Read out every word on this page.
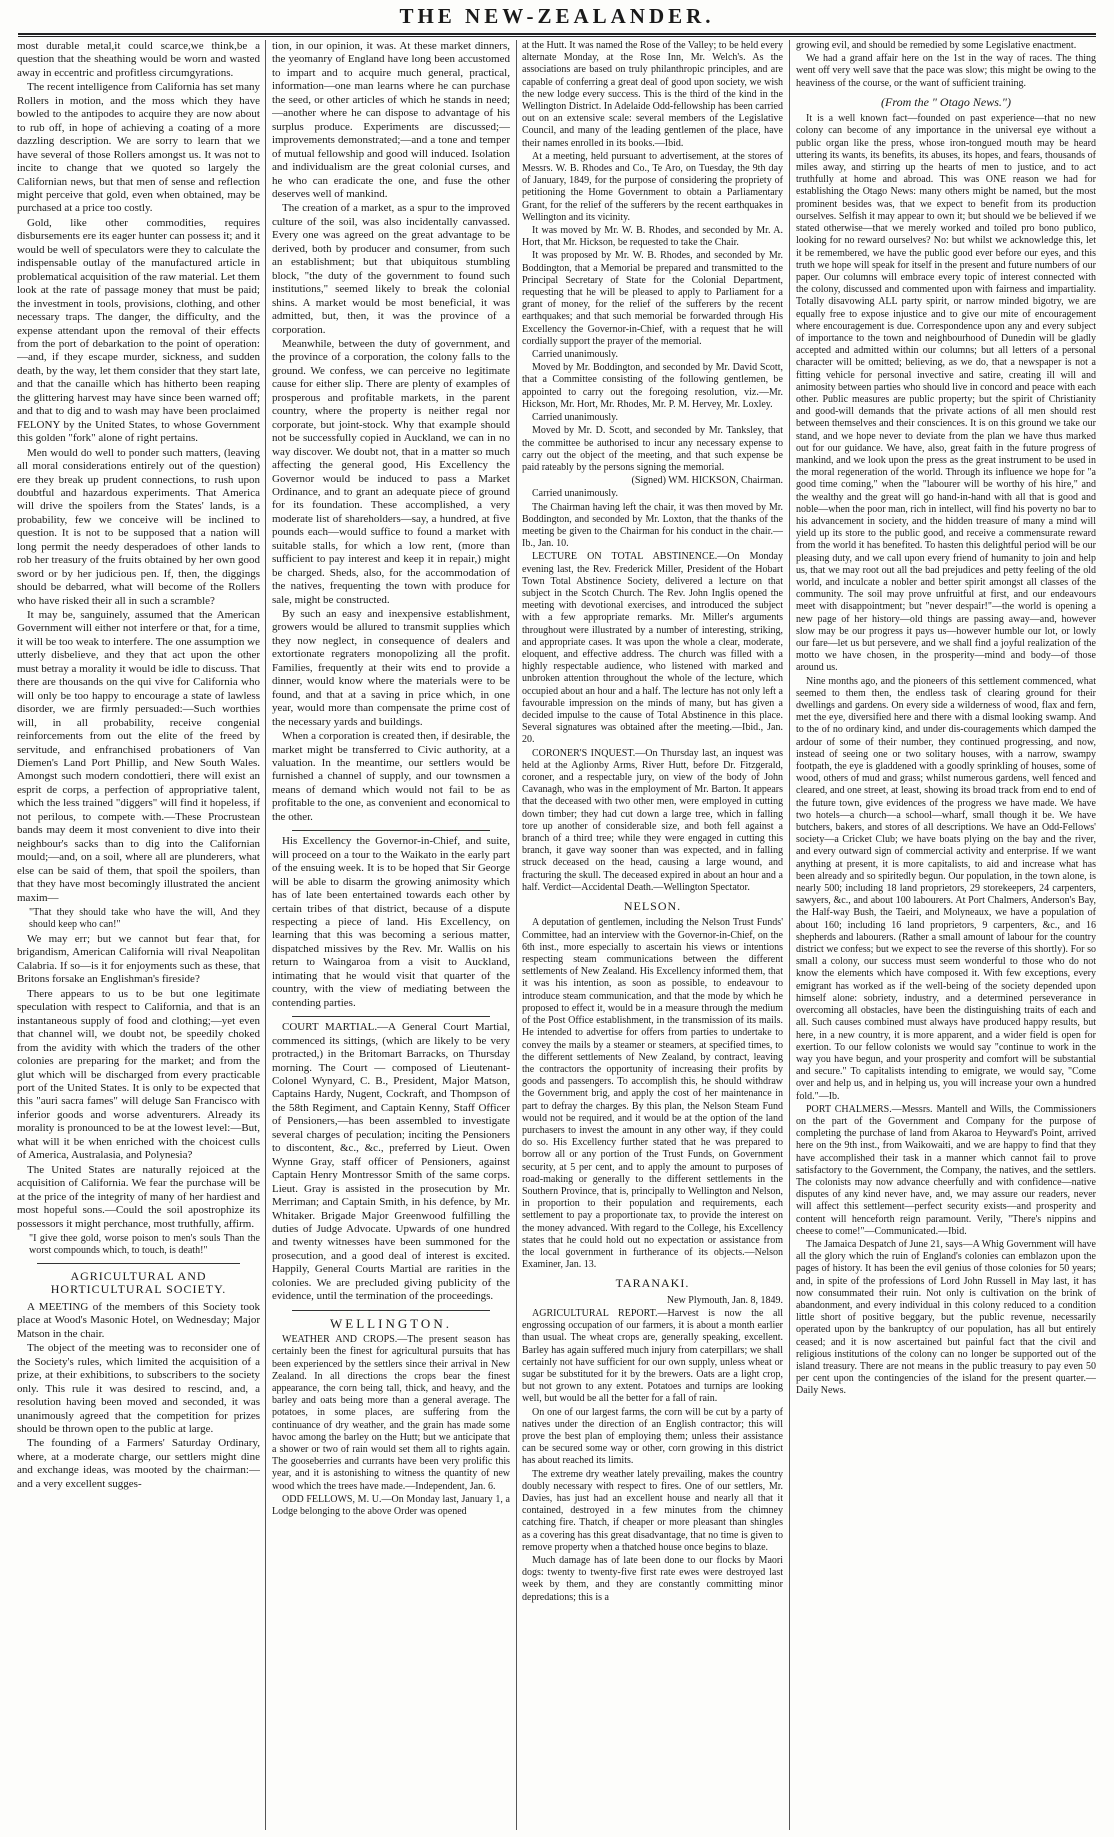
THE NEW-ZEALANDER.

most durable metal,it could scarce,we think,be a question that the sheathing would be worn and wasted away in eccentric and profitless circumgyrations.

The recent intelligence from California has set many Rollers in motion, and the moss which they have bowled to the antipodes to acquire they are now about to rub off, in hope of achieving a coating of a more dazzling description. We are sorry to learn that we have several of those Rollers amongst us. It was not to incite to change that we quoted so largely the Californian news, but that men of sense and reflection might perceive that gold, even when obtained, may be purchased at a price too costly.

Gold, like other commodities, requires disbursements ere its eager hunter can possess it; and it would be well of speculators were they to calculate the indispensable outlay of the manufactured article in problematical acquisition of the raw material. Let them look at the rate of passage money that must be paid; the investment in tools, provisions, clothing, and other necessary traps. The danger, the difficulty, and the expense attendant upon the removal of their effects from the port of debarkation to the point of operation:—and, if they escape murder, sickness, and sudden death, by the way, let them consider that they start late, and that the canaille which has hitherto been reaping the glittering harvest may have since been warned off; and that to dig and to wash may have been proclaimed FELONY by the United States, to whose Government this golden "fork" alone of right pertains.

Men would do well to ponder such matters, (leaving all moral considerations entirely out of the question) ere they break up prudent connections, to rush upon doubtful and hazardous experiments. That America will drive the spoilers from the States' lands, is a probability, few we conceive will be inclined to question. It is not to be supposed that a nation will long permit the needy desperadoes of other lands to rob her treasury of the fruits obtained by her own good sword or by her judicious pen. If, then, the diggings should be debarred, what will become of the Rollers who have risked their all in such a scramble?

It may be, sanguinely, assumed that the American Government will either not interfere or that, for a time, it will be too weak to interfere. The one assumption we utterly disbelieve, and they that act upon the other must betray a morality it would be idle to discuss. That there are thousands on the qui vive for California who will only be too happy to encourage a state of lawless disorder, we are firmly persuaded:—Such worthies will, in all probability, receive congenial reinforcements from out the elite of the freed by servitude, and enfranchised probationers of Van Diemen's Land Port Phillip, and New South Wales. Amongst such modern condottieri, there will exist an esprit de corps, a perfection of appropriative talent, which the less trained "diggers" will find it hopeless, if not perilous, to compete with.—These Procrustean bands may deem it most convenient to dive into their neighbour's sacks than to dig into the Californian mould;—and, on a soil, where all are plunderers, what else can be said of them, that spoil the spoilers, than that they have most becomingly illustrated the ancient maxim—

"That they should take who have the will, And they should keep who can!"

We may err; but we cannot but fear that, for brigandism, American California will rival Neapolitan Calabria. If so—is it for enjoyments such as these, that Britons forsake an Englishman's fireside?

There appears to us to be but one legitimate speculation with respect to California, and that is an instantaneous supply of food and clothing;—yet even that channel will, we doubt not, be speedily choked from the avidity with which the traders of the other colonies are preparing for the market; and from the glut which will be discharged from every practicable port of the United States. It is only to be expected that this "auri sacra fames" will deluge San Francisco with inferior goods and worse adventurers. Already its morality is pronounced to be at the lowest level:—But, what will it be when enriched with the choicest culls of America, Australasia, and Polynesia?

The United States are naturally rejoiced at the acquisition of California. We fear the purchase will be at the price of the integrity of many of her hardiest and most hopeful sons.—Could the soil apostrophize its possessors it might perchance, most truthfully, affirm.

"I give thee gold, worse poison to men's souls Than the worst compounds which, to touch, is death!"

AGRICULTURAL AND HORTICULTURAL SOCIETY.

A MEETING of the members of this Society took place at Wood's Masonic Hotel, on Wednesday; Major Matson in the chair.

The object of the meeting was to reconsider one of the Society's rules, which limited the acquisition of a prize, at their exhibitions, to subscribers to the society only. This rule it was desired to rescind, and, a resolution having been moved and seconded, it was unanimously agreed that the competition for prizes should be thrown open to the public at large.

The founding of a Farmers' Saturday Ordinary, where, at a moderate charge, our settlers might dine and exchange ideas, was mooted by the chairman:—and a very excellent sugges-

tion, in our opinion, it was. At these market dinners, the yeomanry of England have long been accustomed to impart and to acquire much general, practical, information—one man learns where he can purchase the seed, or other articles of which he stands in need;—another where he can dispose to advantage of his surplus produce. Experiments are discussed;—improvements demonstrated;—and a tone and temper of mutual fellowship and good will induced. Isolation and individualism are the great colonial curses, and he who can eradicate the one, and fuse the other deserves well of mankind.

The creation of a market, as a spur to the improved culture of the soil, was also incidentally canvassed. Every one was agreed on the great advantage to be derived, both by producer and consumer, from such an establishment; but that ubiquitous stumbling block, "the duty of the government to found such institutions," seemed likely to break the colonial shins. A market would be most beneficial, it was admitted, but, then, it was the province of a corporation.

Meanwhile, between the duty of government, and the province of a corporation, the colony falls to the ground. We confess, we can perceive no legitimate cause for either slip. There are plenty of examples of prosperous and profitable markets, in the parent country, where the property is neither regal nor corporate, but joint-stock. Why that example should not be successfully copied in Auckland, we can in no way discover. We doubt not, that in a matter so much affecting the general good, His Excellency the Governor would be induced to pass a Market Ordinance, and to grant an adequate piece of ground for its foundation. These accomplished, a very moderate list of shareholders—say, a hundred, at five pounds each—would suffice to found a market with suitable stalls, for which a low rent, (more than sufficient to pay interest and keep it in repair,) might be charged. Sheds, also, for the accommodation of the natives, frequenting the town with produce for sale, might be constructed.

By such an easy and inexpensive establishment, growers would be allured to transmit supplies which they now neglect, in consequence of dealers and extortionate regraters monopolizing all the profit. Families, frequently at their wits end to provide a dinner, would know where the materials were to be found, and that at a saving in price which, in one year, would more than compensate the prime cost of the necessary yards and buildings.

When a corporation is created then, if desirable, the market might be transferred to Civic authority, at a valuation. In the meantime, our settlers would be furnished a channel of supply, and our townsmen a means of demand which would not fail to be as profitable to the one, as convenient and economical to the other.

His Excellency the Governor-in-Chief, and suite, will proceed on a tour to the Waikato in the early part of the ensuing week. It is to be hoped that Sir George will be able to disarm the growing animosity which has of late been entertained towards each other by certain tribes of that district, because of a dispute respecting a piece of land. His Excellency, on learning that this was becoming a serious matter, dispatched missives by the Rev. Mr. Wallis on his return to Waingaroa from a visit to Auckland, intimating that he would visit that quarter of the country, with the view of mediating between the contending parties.

COURT MARTIAL.—A General Court Martial, commenced its sittings, (which are likely to be very protracted,) in the Britomart Barracks, on Thursday morning. The Court — composed of Lieutenant-Colonel Wynyard, C. B., President, Major Matson, Captains Hardy, Nugent, Cockraft, and Thompson of the 58th Regiment, and Captain Kenny, Staff Officer of Pensioners,—has been assembled to investigate several charges of peculation; inciting the Pensioners to discontent, &c., &c., preferred by Lieut. Owen Wynne Gray, staff officer of Pensioners, against Captain Henry Montressor Smith of the same corps. Lieut. Gray is assisted in the prosecution by Mr. Merriman; and Captain Smith, in his defence, by Mr. Whitaker. Brigade Major Greenwood fulfilling the duties of Judge Advocate. Upwards of one hundred and twenty witnesses have been summoned for the prosecution, and a good deal of interest is excited. Happily, General Courts Martial are rarities in the colonies. We are precluded giving publicity of the evidence, until the termination of the proceedings.

WELLINGTON.

WEATHER AND CROPS.—The present season has certainly been the finest for agricultural pursuits that has been experienced by the settlers since their arrival in New Zealand. In all directions the crops bear the finest appearance, the corn being tall, thick, and heavy, and the barley and oats being more than a general average. The potatoes, in some places, are suffering from the continuance of dry weather, and the grain has made some havoc among the barley on the Hutt; but we anticipate that a shower or two of rain would set them all to rights again. The gooseberries and currants have been very prolific this year, and it is astonishing to witness the quantity of new wood which the trees have made.—Independent, Jan. 6.

ODD FELLOWS, M. U.—On Monday last, January 1, a Lodge belonging to the above Order was opened

at the Hutt. It was named the Rose of the Valley; to be held every alternate Monday, at the Rose Inn, Mr. Welch's. As the associations are based on truly philanthropic principles, and are capable of conferring a great deal of good upon society, we wish the new lodge every success. This is the third of the kind in the Wellington District. In Adelaide Odd-fellowship has been carried out on an extensive scale: several members of the Legislative Council, and many of the leading gentlemen of the place, have their names enrolled in its books.—Ibid.

At a meeting, held pursuant to advertisement, at the stores of Messrs. W. B. Rhodes and Co., Te Aro, on Tuesday, the 9th day of January, 1849, for the purpose of considering the propriety of petitioning the Home Government to obtain a Parliamentary Grant, for the relief of the sufferers by the recent earthquakes in Wellington and its vicinity.

It was moved by Mr. W. B. Rhodes, and seconded by Mr. A. Hort, that Mr. Hickson, be requested to take the Chair.

It was proposed by Mr. W. B. Rhodes, and seconded by Mr. Boddington, that a Memorial be prepared and transmitted to the Principal Secretary of State for the Colonial Department, requesting that he will be pleased to apply to Parliament for a grant of money, for the relief of the sufferers by the recent earthquakes; and that such memorial be forwarded through His Excellency the Governor-in-Chief, with a request that he will cordially support the prayer of the memorial.

Carried unanimously.

Moved by Mr. Boddington, and seconded by Mr. David Scott, that a Committee consisting of the following gentlemen, be appointed to carry out the foregoing resolution, viz.—Mr. Hickson, Mr. Hort, Mr. Rhodes, Mr. P. M. Hervey, Mr. Loxley.

Carried unanimously.

Moved by Mr. D. Scott, and seconded by Mr. Tanksley, that the committee be authorised to incur any necessary expense to carry out the object of the meeting, and that such expense be paid rateably by the persons signing the memorial.

(Signed) WM. HICKSON, Chairman.

Carried unanimously.

The Chairman having left the chair, it was then moved by Mr. Boddington, and seconded by Mr. Loxton, that the thanks of the meeting be given to the Chairman for his conduct in the chair.—Ib., Jan. 10.

LECTURE ON TOTAL ABSTINENCE.—On Monday evening last, the Rev. Frederick Miller, President of the Hobart Town Total Abstinence Society, delivered a lecture on that subject in the Scotch Church. The Rev. John Inglis opened the meeting with devotional exercises, and introduced the subject with a few appropriate remarks. Mr. Miller's arguments throughout were illustrated by a number of interesting, striking, and appropriate cases. It was upon the whole a clear, moderate, eloquent, and effective address. The church was filled with a highly respectable audience, who listened with marked and unbroken attention throughout the whole of the lecture, which occupied about an hour and a half. The lecture has not only left a favourable impression on the minds of many, but has given a decided impulse to the cause of Total Abstinence in this place. Several signatures was obtained after the meeting.—Ibid., Jan. 20.

CORONER'S INQUEST.—On Thursday last, an inquest was held at the Aglionby Arms, River Hutt, before Dr. Fitzgerald, coroner, and a respectable jury, on view of the body of John Cavanagh, who was in the employment of Mr. Barton. It appears that the deceased with two other men, were employed in cutting down timber; they had cut down a large tree, which in falling tore up another of considerable size, and both fell against a branch of a third tree; while they were engaged in cutting this branch, it gave way sooner than was expected, and in falling struck deceased on the head, causing a large wound, and fracturing the skull. The deceased expired in about an hour and a half. Verdict—Accidental Death.—Wellington Spectator.

NELSON.

A deputation of gentlemen, including the Nelson Trust Funds' Committee, had an interview with the Governor-in-Chief, on the 6th inst., more especially to ascertain his views or intentions respecting steam communications between the different settlements of New Zealand. His Excellency informed them, that it was his intention, as soon as possible, to endeavour to introduce steam communication, and that the mode by which he proposed to effect it, would be in a measure through the medium of the Post Office establishment, in the transmission of its mails. He intended to advertise for offers from parties to undertake to convey the mails by a steamer or steamers, at specified times, to the different settlements of New Zealand, by contract, leaving the contractors the opportunity of increasing their profits by goods and passengers. To accomplish this, he should withdraw the Government brig, and apply the cost of her maintenance in part to defray the charges. By this plan, the Nelson Steam Fund would not be required, and it would be at the option of the land purchasers to invest the amount in any other way, if they could do so. His Excellency further stated that he was prepared to borrow all or any portion of the Trust Funds, on Government security, at 5 per cent, and to apply the amount to purposes of road-making or generally to the different settlements in the Southern Province, that is, principally to Wellington and Nelson, in proportion to their population and requirements, each settlement to pay a proportionate tax, to provide the interest on the money advanced. With regard to the College, his Excellency states that he could hold out no expectation or assistance from the local government in furtherance of its objects.—Nelson Examiner, Jan. 13.

TARANAKI.

New Plymouth, Jan. 8, 1849.

AGRICULTURAL REPORT.—Harvest is now the all engrossing occupation of our farmers, it is about a month earlier than usual. The wheat crops are, generally speaking, excellent. Barley has again suffered much injury from caterpillars; we shall certainly not have sufficient for our own supply, unless wheat or sugar be substituted for it by the brewers. Oats are a light crop, but not grown to any extent. Potatoes and turnips are looking well, but would be all the better for a fall of rain.

On one of our largest farms, the corn will be cut by a party of natives under the direction of an English contractor; this will prove the best plan of employing them; unless their assistance can be secured some way or other, corn growing in this district has about reached its limits.

The extreme dry weather lately prevailing, makes the country doubly necessary with respect to fires. One of our settlers, Mr. Davies, has just had an excellent house and nearly all that it contained, destroyed in a few minutes from the chimney catching fire. Thatch, if cheaper or more pleasant than shingles as a covering has this great disadvantage, that no time is given to remove property when a thatched house once begins to blaze.

Much damage has of late been done to our flocks by Maori dogs: twenty to twenty-five first rate ewes were destroyed last week by them, and they are constantly committing minor depredations; this is a

growing evil, and should be remedied by some Legislative enactment.

We had a grand affair here on the 1st in the way of races. The thing went off very well save that the pace was slow; this might be owing to the heaviness of the course, or the want of sufficient training.

(From the " Otago News.")

It is a well known fact—founded on past experience—that no new colony can become of any importance in the universal eye without a public organ like the press, whose iron-tongued mouth may be heard uttering its wants, its benefits, its abuses, its hopes, and fears, thousands of miles away, and stirring up the hearts of men to justice, and to act truthfully at home and abroad. This was ONE reason we had for establishing the Otago News: many others might be named, but the most prominent besides was, that we expect to benefit from its production ourselves. Selfish it may appear to own it; but should we be believed if we stated otherwise—that we merely worked and toiled pro bono publico, looking for no reward ourselves? No: but whilst we acknowledge this, let it be remembered, we have the public good ever before our eyes, and this truth we hope will speak for itself in the present and future numbers of our paper. Our columns will embrace every topic of interest connected with the colony, discussed and commented upon with fairness and impartiality. Totally disavowing ALL party spirit, or narrow minded bigotry, we are equally free to expose injustice and to give our mite of encouragement where encouragement is due. Correspondence upon any and every subject of importance to the town and neighbourhood of Dunedin will be gladly accepted and admitted within our columns; but all letters of a personal character will be omitted; believing, as we do, that a newspaper is not a fitting vehicle for personal invective and satire, creating ill will and animosity between parties who should live in concord and peace with each other. Public measures are public property; but the spirit of Christianity and good-will demands that the private actions of all men should rest between themselves and their consciences. It is on this ground we take our stand, and we hope never to deviate from the plan we have thus marked out for our guidance. We have, also, great faith in the future progress of mankind, and we look upon the press as the great instrument to be used in the moral regeneration of the world. Through its influence we hope for "a good time coming," when the "labourer will be worthy of his hire," and the wealthy and the great will go hand-in-hand with all that is good and noble—when the poor man, rich in intellect, will find his poverty no bar to his advancement in society, and the hidden treasure of many a mind will yield up its store to the public good, and receive a commensurate reward from the world it has benefited. To hasten this delightful period will be our pleasing duty, and we call upon every friend of humanity to join and help us, that we may root out all the bad prejudices and petty feeling of the old world, and inculcate a nobler and better spirit amongst all classes of the community. The soil may prove unfruitful at first, and our endeavours meet with disappointment; but "never despair!"—the world is opening a new page of her history—old things are passing away—and, however slow may be our progress it pays us—however humble our lot, or lowly our fare—let us but persevere, and we shall find a joyful realization of the motto we have chosen, in the prosperity—mind and body—of those around us.

Nine months ago, and the pioneers of this settlement commenced, what seemed to them then, the endless task of clearing ground for their dwellings and gardens. On every side a wilderness of wood, flax and fern, met the eye, diversified here and there with a dismal looking swamp. And to the of no ordinary kind, and under dis-couragements which damped the ardour of some of their number, they continued progressing, and now, instead of seeing one or two solitary houses, with a narrow, swampy footpath, the eye is gladdened with a goodly sprinkling of houses, some of wood, others of mud and grass; whilst numerous gardens, well fenced and cleared, and one street, at least, showing its broad track from end to end of the future town, give evidences of the progress we have made. We have two hotels—a church—a school—wharf, small though it be. We have butchers, bakers, and stores of all descriptions. We have an Odd-Fellows' society—a Cricket Club; we have boats plying on the bay and the river, and every outward sign of commercial activity and enterprise. If we want anything at present, it is more capitalists, to aid and increase what has been already and so spiritedly begun. Our population, in the town alone, is nearly 500; including 18 land proprietors, 29 storekeepers, 24 carpenters, sawyers, &c., and about 100 labourers. At Port Chalmers, Anderson's Bay, the Half-way Bush, the Taeiri, and Molyneaux, we have a population of about 160; including 16 land proprietors, 9 carpenters, &c., and 16 shepherds and labourers. (Rather a small amount of labour for the country district we confess; but we expect to see the reverse of this shortly). For so small a colony, our success must seem wonderful to those who do not know the elements which have composed it. With few exceptions, every emigrant has worked as if the well-being of the society depended upon himself alone: sobriety, industry, and a determined perseverance in overcoming all obstacles, have been the distinguishing traits of each and all. Such causes combined must always have produced happy results, but here, in a new country, it is more apparent, and a wider field is open for exertion. To our fellow colonists we would say "continue to work in the way you have begun, and your prosperity and comfort will be substantial and secure." To capitalists intending to emigrate, we would say, "Come over and help us, and in helping us, you will increase your own a hundred fold."—Ib.

PORT CHALMERS.—Messrs. Mantell and Wills, the Commissioners on the part of the Government and Company for the purpose of completing the purchase of land from Akaroa to Heyward's Point, arrived here on the 9th inst., from Waikowaiti, and we are happy to find that they have accomplished their task in a manner which cannot fail to prove satisfactory to the Government, the Company, the natives, and the settlers. The colonists may now advance cheerfully and with confidence—native disputes of any kind never have, and, we may assure our readers, never will affect this settlement—perfect security exists—and prosperity and content will henceforth reign paramount. Verily, "There's nippins and cheese to come!"—Communicated.—Ibid.

The Jamaica Despatch of June 21, says—A Whig Government will have all the glory which the ruin of England's colonies can emblazon upon the pages of history. It has been the evil genius of those colonies for 50 years; and, in spite of the professions of Lord John Russell in May last, it has now consummated their ruin. Not only is cultivation on the brink of abandonment, and every individual in this colony reduced to a condition little short of positive beggary, but the public revenue, necessarily operated upon by the bankruptcy of our population, has all but entirely ceased; and it is now ascertained but painful fact that the civil and religious institutions of the colony can no longer be supported out of the island treasury. There are not means in the public treasury to pay even 50 per cent upon the contingencies of the island for the present quarter.—Daily News.
